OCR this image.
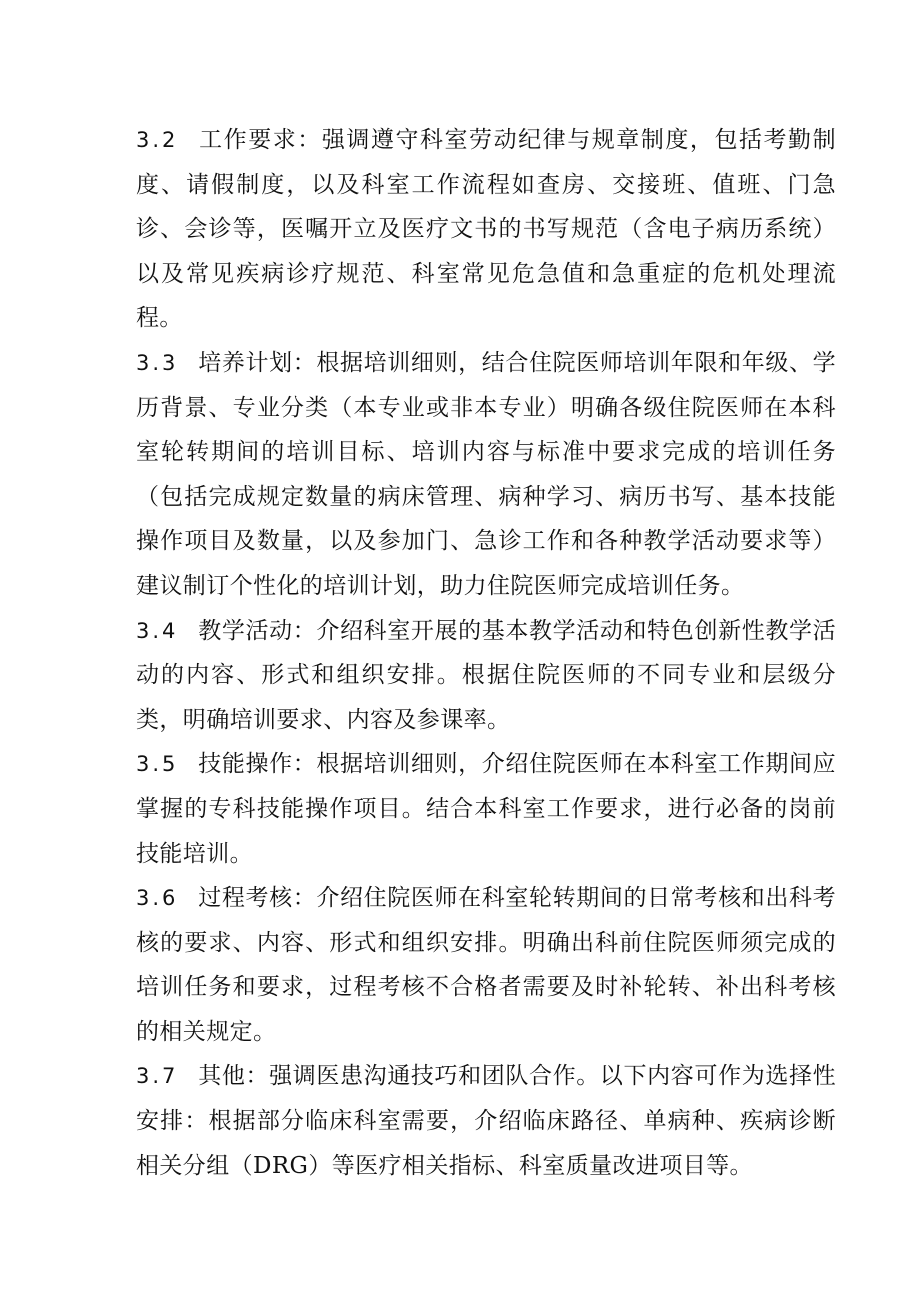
3.2 工作要求：强调遵守科室劳动纪律与规章制度，包括考勤制度、请假制度，以及科室工作流程如查房、交接班、值班、门急诊、会诊等，医嘱开立及医疗文书的书写规范（含电子病历系统）以及常见疾病诊疗规范、科室常见危急值和急重症的危机处理流程。

3.3 培养计划：根据培训细则，结合住院医师培训年限和年级、学历背景、专业分类（本专业或非本专业）明确各级住院医师在本科室轮转期间的培训目标、培训内容与标准中要求完成的培训任务（包括完成规定数量的病床管理、病种学习、病历书写、基本技能操作项目及数量，以及参加门、急诊工作和各种教学活动要求等）建议制订个性化的培训计划，助力住院医师完成培训任务。

3.4 教学活动：介绍科室开展的基本教学活动和特色创新性教学活动的内容、形式和组织安排。根据住院医师的不同专业和层级分类，明确培训要求、内容及参课率。

3.5 技能操作：根据培训细则，介绍住院医师在本科室工作期间应掌握的专科技能操作项目。结合本科室工作要求，进行必备的岗前技能培训。

3.6 过程考核：介绍住院医师在科室轮转期间的日常考核和出科考核的要求、内容、形式和组织安排。明确出科前住院医师须完成的培训任务和要求，过程考核不合格者需要及时补轮转、补出科考核的相关规定。

3.7 其他：强调医患沟通技巧和团队合作。以下内容可作为选择性安排：根据部分临床科室需要，介绍临床路径、单病种、疾病诊断相关分组（DRG）等医疗相关指标、科室质量改进项目等。
